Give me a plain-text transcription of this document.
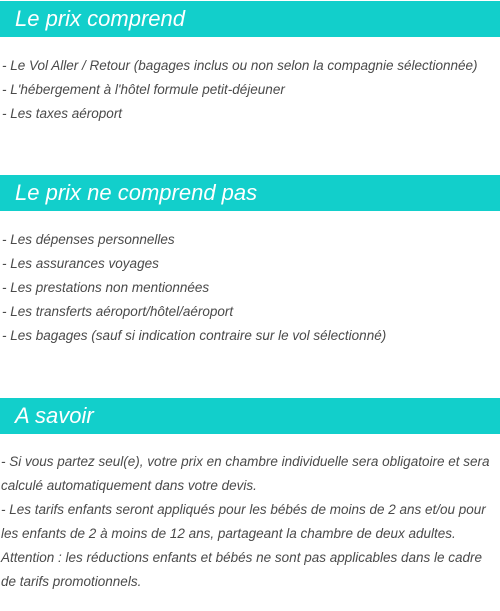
Le prix comprend
- Le Vol Aller / Retour (bagages inclus ou non selon la compagnie sélectionnée)
- L'hébergement à l'hôtel formule petit-déjeuner
- Les taxes aéroport
Le prix ne comprend pas
- Les dépenses personnelles
- Les assurances voyages
- Les prestations non mentionnées
- Les transferts aéroport/hôtel/aéroport
- Les bagages (sauf si indication contraire sur le vol sélectionné)
A savoir

- Si vous partez seul(e), votre prix en chambre individuelle sera obligatoire et sera calculé automatiquement dans votre devis.

- Les tarifs enfants seront appliqués pour les bébés de moins de 2 ans et/ou pour les enfants de 2 à moins de 12 ans, partageant la chambre de deux adultes.

Attention : les réductions enfants et bébés ne sont pas applicables dans le cadre de tarifs promotionnels.
